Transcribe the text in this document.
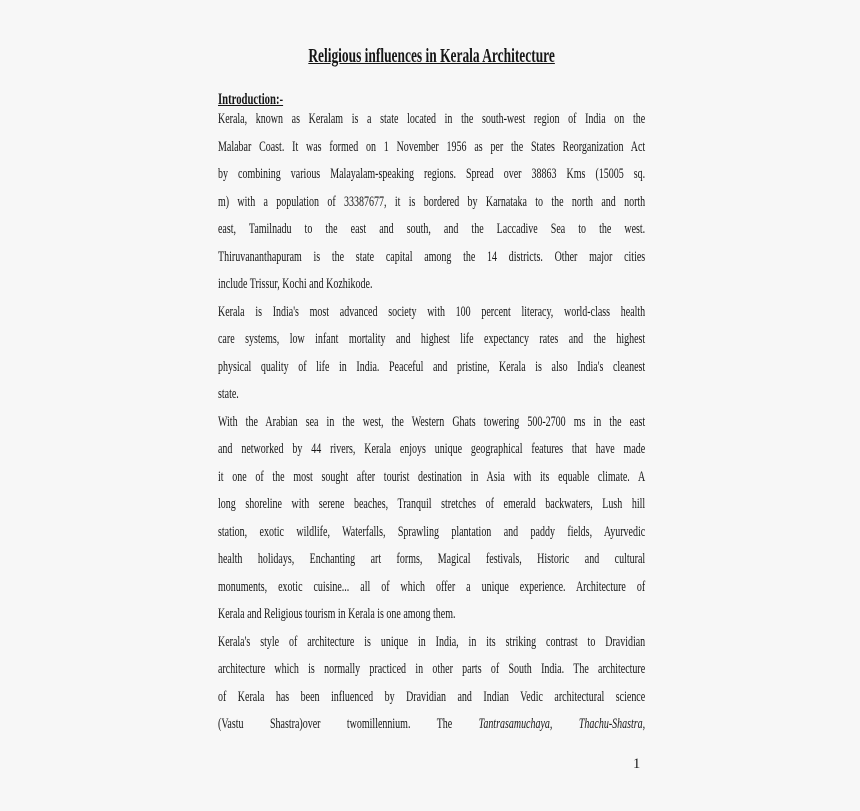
Religious influences in Kerala Architecture
Introduction:-
Kerala, known as Keralam is a state located in the south-west region of India on the
Malabar Coast. It was formed on 1 November 1956 as per the States Reorganization Act
by combining various Malayalam-speaking regions. Spread over 38863 Kms (15005 sq.
m) with a population of 33387677, it is bordered by Karnataka to the north and north
east, Tamilnadu to the east and south, and the Laccadive Sea to the west.
Thiruvananthapuram is the state capital among the 14 districts. Other major cities
include Trissur, Kochi and Kozhikode.
Kerala is India's most advanced society with 100 percent literacy, world-class health
care systems, low infant mortality and highest life expectancy rates and the highest
physical quality of life in India. Peaceful and pristine, Kerala is also India's cleanest
state.
With the Arabian sea in the west, the Western Ghats towering 500-2700 ms in the east
and networked by 44 rivers, Kerala enjoys unique geographical features that have made
it one of the most sought after tourist destination in Asia with its equable climate. A
long shoreline with serene beaches, Tranquil stretches of emerald backwaters, Lush hill
station, exotic wildlife, Waterfalls, Sprawling plantation and paddy fields, Ayurvedic
health holidays, Enchanting art forms, Magical festivals, Historic and cultural
monuments, exotic cuisine... all of which offer a unique experience. Architecture of
Kerala and Religious tourism in Kerala is one among them.
Kerala's style of architecture is unique in India, in its striking contrast to Dravidian
architecture which is normally practiced in other parts of South India. The architecture
of Kerala has been influenced by Dravidian and Indian Vedic architectural science
(Vastu Shastra)over twomillennium. The Tantrasamuchaya, Thachu-Shastra,
1
